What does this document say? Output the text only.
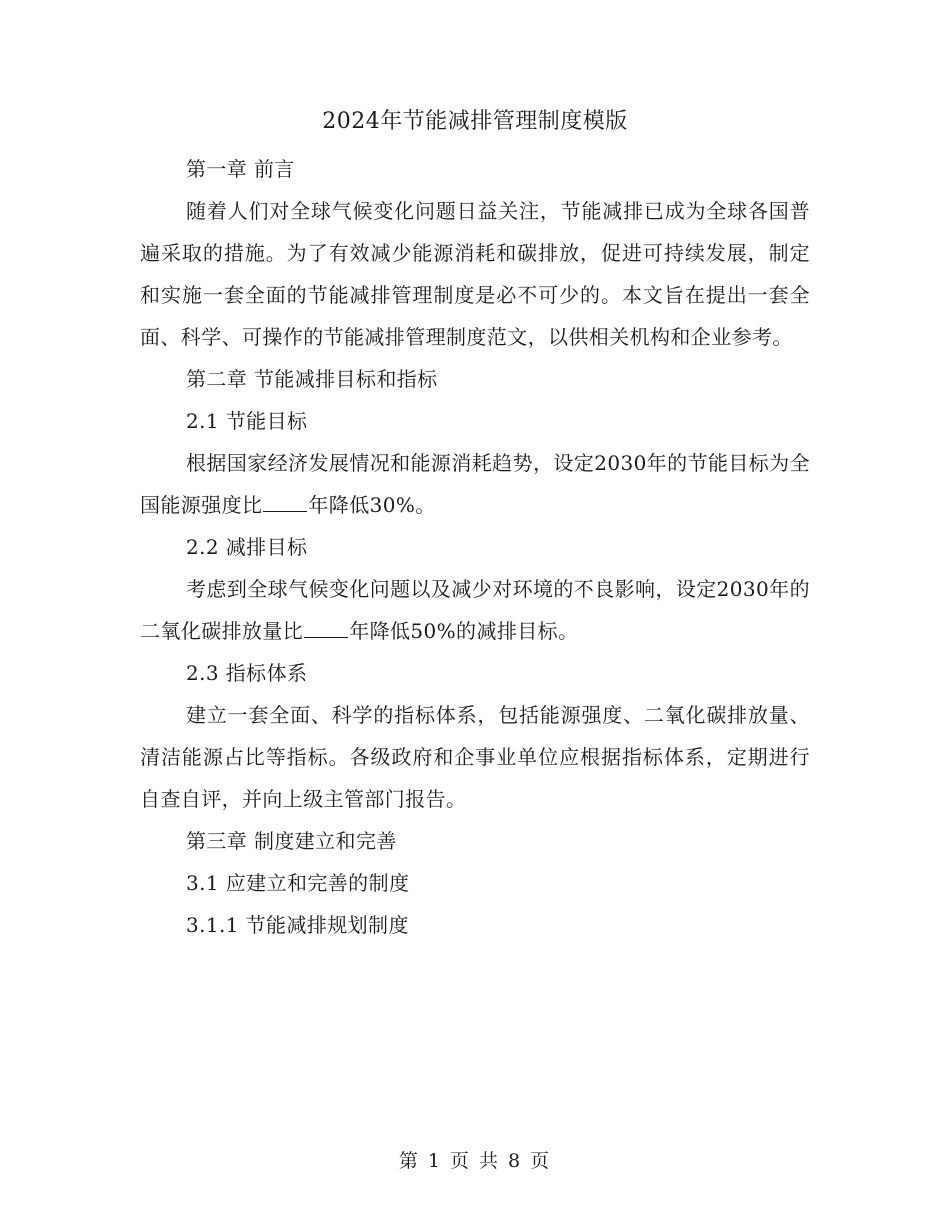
2024年节能减排管理制度模版

第一章 前言

随着人们对全球气候变化问题日益关注，节能减排已成为全球各国普遍采取的措施。为了有效减少能源消耗和碳排放，促进可持续发展，制定和实施一套全面的节能减排管理制度是必不可少的。本文旨在提出一套全面、科学、可操作的节能减排管理制度范文，以供相关机构和企业参考。

第二章 节能减排目标和指标

2.1 节能目标

根据国家经济发展情况和能源消耗趋势，设定2030年的节能目标为全国能源强度比 年降低30%。

2.2 减排目标

考虑到全球气候变化问题以及减少对环境的不良影响，设定2030年的二氧化碳排放量比 年降低50%的减排目标。

2.3 指标体系

建立一套全面、科学的指标体系，包括能源强度、二氧化碳排放量、清洁能源占比等指标。各级政府和企事业单位应根据指标体系，定期进行自查自评，并向上级主管部门报告。

第三章 制度建立和完善

3.1 应建立和完善的制度

3.1.1 节能减排规划制度

第 1 页 共 8 页
